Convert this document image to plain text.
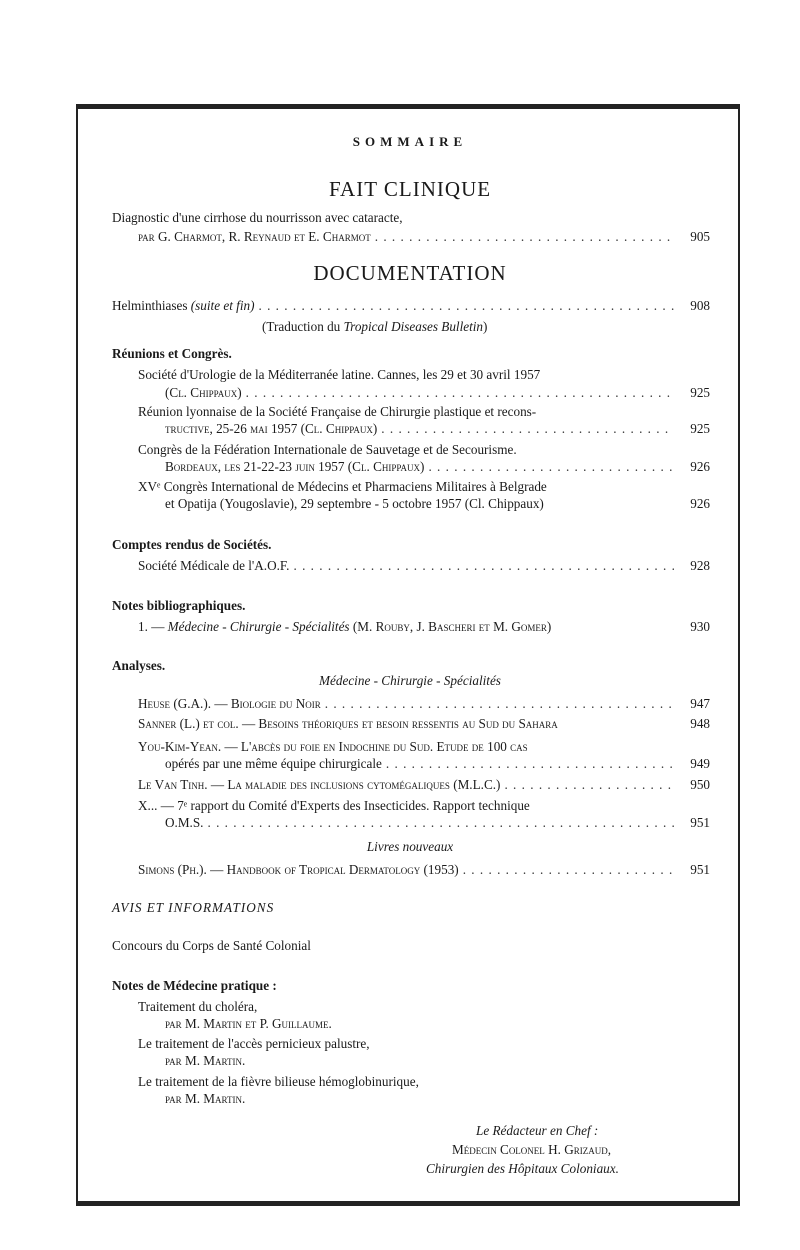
SOMMAIRE
FAIT CLINIQUE
Diagnostic d'une cirrhose du nourrisson avec cataracte,
par G. Charmot, R. Reynaud et E. Charmot . . .	905
DOCUMENTATION
Helminthiases
(suite et fin) . . .	908
(Traduction du Tropical Diseases Bulletin)
Réunions et Congrès.
Société d'Urologie de la Méditerranée latine. Cannes, les 29 et 30 avril 1957
(Cl. Chippaux) . . .	925
Réunion lyonnaise de la Société Française de Chirurgie plastique et recons-
tructive, 25-26 mai 1957 (Cl. Chippaux) . . .	925
Congrès de la Fédération Internationale de Sauvetage et de Secourisme.
Bordeaux, les 21-22-23 juin 1957 (Cl. Chippaux) . . .	926
XVᵉ Congrès International de Médecins et Pharmaciens Militaires à Belgrade
et Opatija (Yougoslavie), 29 septembre - 5 octobre 1957 (Cl. Chippaux)	926
Comptes rendus de Sociétés.
Société Médicale de l'A.O.F. . . .	928
Notes bibliographiques.
1. — Médecine - Chirurgie - Spécialités (M. Rouby, J. Bascheri et M. Gomer)	930
Analyses.
Médecine - Chirurgie - Spécialités
Heuse (G.A.). — Biologie du Noir . . .	947
Sanner (L.) et col. — Besoins théoriques et besoin ressentis au Sud du Sahara	948
You-Kim-Yean. — L'abcès du foie en Indochine du Sud. Etude de 100 cas
opérés par une même équipe chirurgicale . . .	949
Le Van Tinh. — La maladie des inclusions cytomégaliques (M.L.C.) . . .	950
X... — 7ᵉ rapport du Comité d'Experts des Insecticides. Rapport technique
O.M.S. . . .	951
Livres nouveaux
Simons (Ph.). — Handbook of Tropical Dermatology (1953) . . .	951
AVIS ET INFORMATIONS
Concours du Corps de Santé Colonial
Notes de Médecine pratique :
Traitement du choléra,
par M. Martin et P. Guillaume.
Le traitement de l'accès pernicieux palustre,
par M. Martin.
Le traitement de la fièvre bilieuse hémoglobinurique,
par M. Martin.
Le Rédacteur en Chef :
Médecin Colonel H. Grizaud,
Chirurgien des Hôpitaux Coloniaux.
